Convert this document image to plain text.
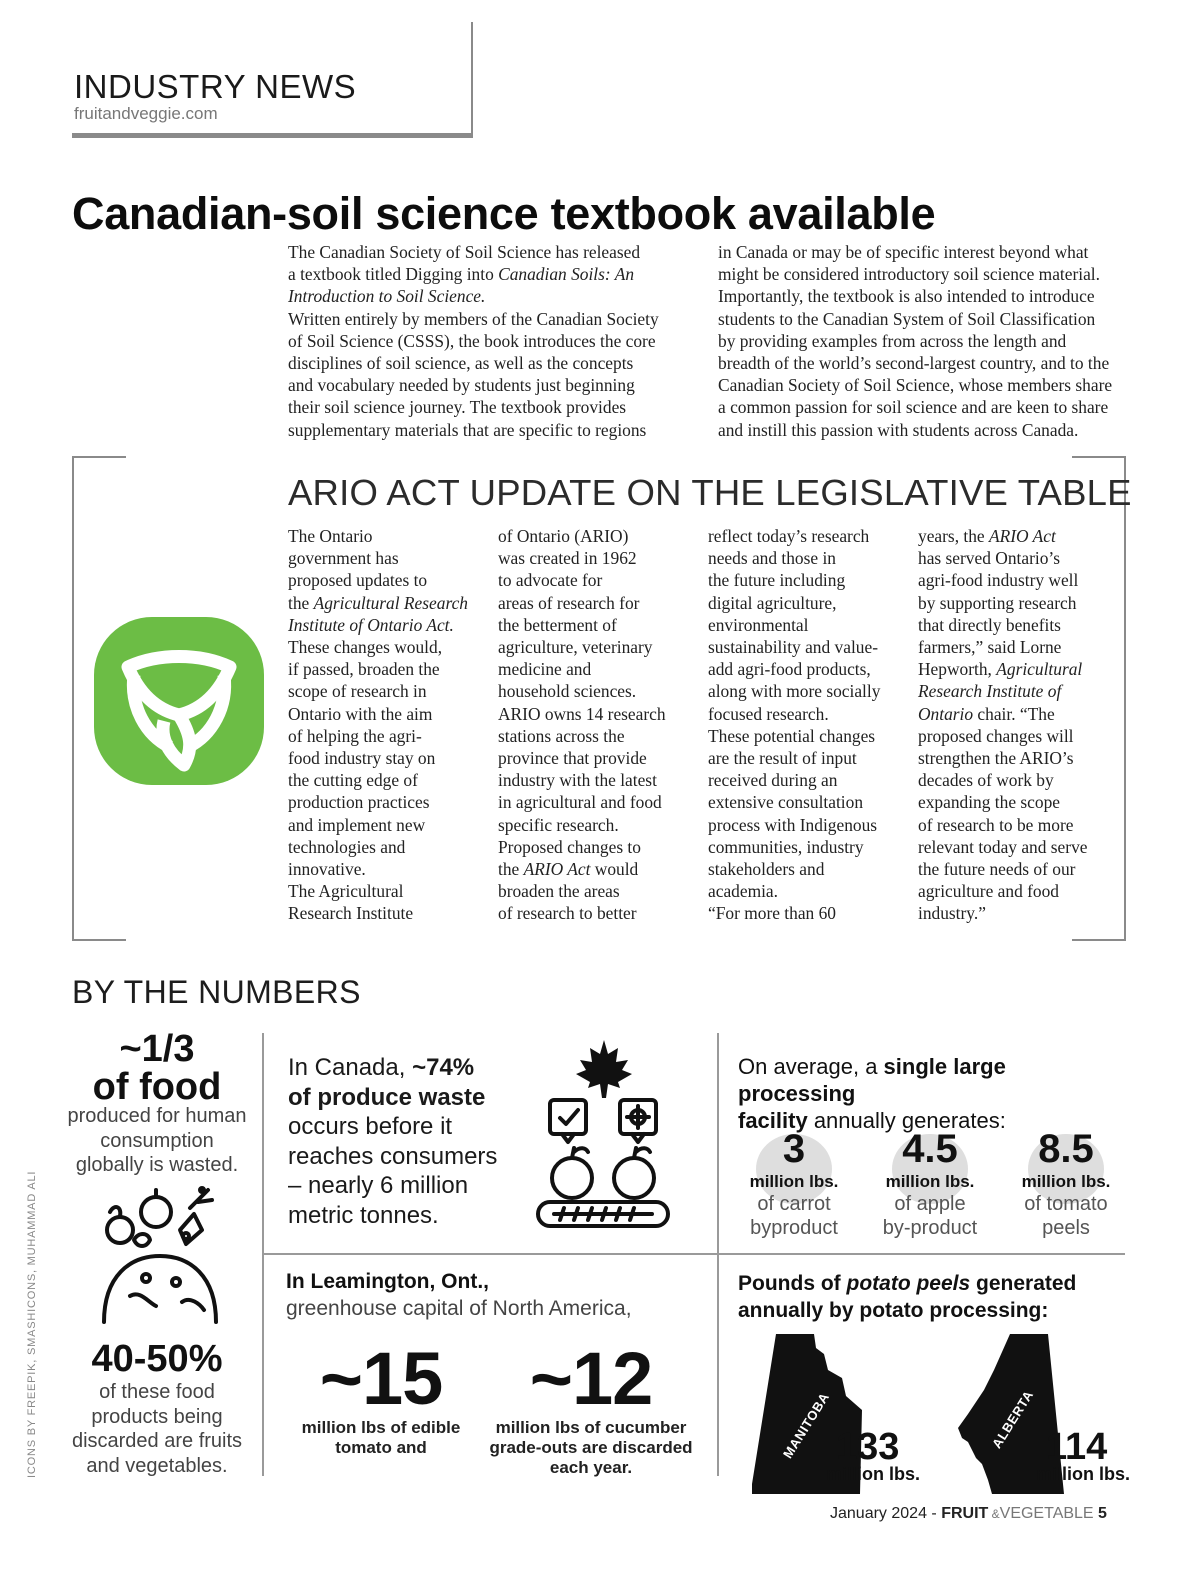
INDUSTRY NEWS
fruitandveggie.com
Canadian-soil science textbook available
The Canadian Society of Soil Science has released
a textbook titled Digging into Canadian Soils: An
Introduction to Soil Science.
Written entirely by members of the Canadian Society
of Soil Science (CSSS), the book introduces the core
disciplines of soil science, as well as the concepts
and vocabulary needed by students just beginning
their soil science journey. The textbook provides
supplementary materials that are specific to regions
in Canada or may be of specific interest beyond what
might be considered introductory soil science material.
Importantly, the textbook is also intended to introduce
students to the Canadian System of Soil Classification
by providing examples from across the length and
breadth of the world’s second-largest country, and to the
Canadian Society of Soil Science, whose members share
a common passion for soil science and are keen to share
and instill this passion with students across Canada.
ARIO ACT UPDATE ON THE LEGISLATIVE TABLE
The Ontario
government has
proposed updates to
the Agricultural Research
Institute of Ontario Act.
These changes would,
if passed, broaden the
scope of research in
Ontario with the aim
of helping the agri-
food industry stay on
the cutting edge of
production practices
and implement new
technologies and
innovative.
The Agricultural
Research Institute
of Ontario (ARIO)
was created in 1962
to advocate for
areas of research for
the betterment of
agriculture, veterinary
medicine and
household sciences.
ARIO owns 14 research
stations across the
province that provide
industry with the latest
in agricultural and food
specific research.
Proposed changes to
the ARIO Act would
broaden the areas
of research to better
reflect today’s research
needs and those in
the future including
digital agriculture,
environmental
sustainability and value-
add agri-food products,
along with more socially
focused research.
These potential changes
are the result of input
received during an
extensive consultation
process with Indigenous
communities, industry
stakeholders and
academia.
“For more than 60
years, the ARIO Act
has served Ontario’s
agri-food industry well
by supporting research
that directly benefits
farmers,” said Lorne
Hepworth, Agricultural
Research Institute of
Ontario chair. “The
proposed changes will
strengthen the ARIO’s
decades of work by
expanding the scope
of research to be more
relevant today and serve
the future needs of our
agriculture and food
industry.”
BY THE NUMBERS
~1/3
of food
produced for human
consumption
globally is wasted.
40-50%
of these food
products being
discarded are fruits
and vegetables.
ICONS BY FREEPIK, SMASHICONS, MUHAMMAD ALI
In Canada, ~74%
of produce waste
occurs before it
reaches consumers
– nearly 6 million
metric tonnes.
On average, a single large processing
facility annually generates:
3
million lbs.
of carrot
byproduct
4.5
million lbs.
of apple
by-product
8.5
million lbs.
of tomato
peels
In Leamington, Ont.,
greenhouse capital of North America,
~15
million lbs of edible
tomato and
~12
million lbs of cucumber
grade-outs are discarded
each year.
Pounds of potato peels generated
annually by potato processing:
MANITOBA 133
million lbs.
ALBERTA 114
million lbs.
January 2024 - FRUIT &VEGETABLE 5
